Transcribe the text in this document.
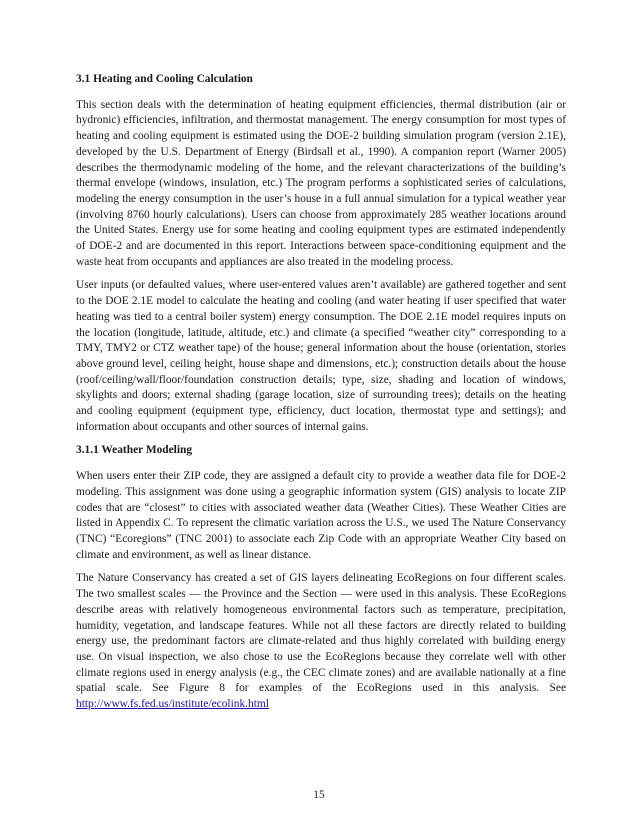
3.1 Heating and Cooling Calculation

This section deals with the determination of heating equipment efficiencies, thermal distribution (air or hydronic) efficiencies, infiltration, and thermostat management. The energy consumption for most types of heating and cooling equipment is estimated using the DOE-2 building simulation program (version 2.1E), developed by the U.S. Department of Energy (Birdsall et al., 1990). A companion report (Warner 2005) describes the thermodynamic modeling of the home, and the relevant characterizations of the building’s thermal envelope (windows, insulation, etc.) The program performs a sophisticated series of calculations, modeling the energy consumption in the user’s house in a full annual simulation for a typical weather year (involving 8760 hourly calculations). Users can choose from approximately 285 weather locations around the United States. Energy use for some heating and cooling equipment types are estimated independently of DOE-2 and are documented in this report. Interactions between space-conditioning equipment and the waste heat from occupants and appliances are also treated in the modeling process.

User inputs (or defaulted values, where user-entered values aren’t available) are gathered together and sent to the DOE 2.1E model to calculate the heating and cooling (and water heating if user specified that water heating was tied to a central boiler system) energy consumption. The DOE 2.1E model requires inputs on the location (longitude, latitude, altitude, etc.) and climate (a specified “weather city” corresponding to a TMY, TMY2 or CTZ weather tape) of the house; general information about the house (orientation, stories above ground level, ceiling height, house shape and dimensions, etc.); construction details about the house (roof/ceiling/wall/floor/foundation construction details; type, size, shading and location of windows, skylights and doors; external shading (garage location, size of surrounding trees); details on the heating and cooling equipment (equipment type, efficiency, duct location, thermostat type and settings); and information about occupants and other sources of internal gains.

3.1.1 Weather Modeling

When users enter their ZIP code, they are assigned a default city to provide a weather data file for DOE-2 modeling. This assignment was done using a geographic information system (GIS) analysis to locate ZIP codes that are “closest” to cities with associated weather data (Weather Cities). These Weather Cities are listed in Appendix C. To represent the climatic variation across the U.S., we used The Nature Conservancy (TNC) “Ecoregions” (TNC 2001) to associate each Zip Code with an appropriate Weather City based on climate and environment, as well as linear distance.

The Nature Conservancy has created a set of GIS layers delineating EcoRegions on four different scales. The two smallest scales — the Province and the Section — were used in this analysis. These EcoRegions describe areas with relatively homogeneous environmental factors such as temperature, precipitation, humidity, vegetation, and landscape features. While not all these factors are directly related to building energy use, the predominant factors are climate-related and thus highly correlated with building energy use. On visual inspection, we also chose to use the EcoRegions because they correlate well with other climate regions used in energy analysis (e.g., the CEC climate zones) and are available nationally at a fine spatial scale. See Figure 8 for examples of the EcoRegions used in this analysis. See http://www.fs.fed.us/institute/ecolink.html

15
